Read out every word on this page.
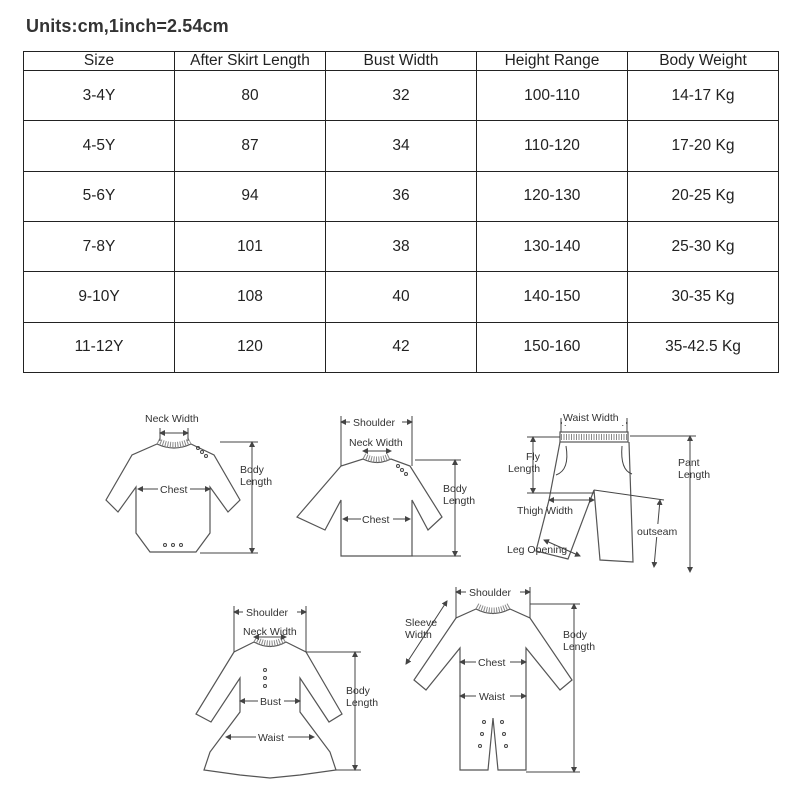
Units:cm,1inch=2.54cm
Size	After Skirt Length	Bust Width	Height Range	Body Weight
3-4Y	80	32	100-110	14-17 Kg
4-5Y	87	34	110-120	17-20 Kg
5-6Y	94	36	120-130	20-25 Kg
7-8Y	101	38	130-140	25-30 Kg
9-10Y	108	40	140-150	30-35 Kg
11-12Y	120	42	150-160	35-42.5 Kg
Neck Width
Chest
Body
Length
Shoulder
Neck Width
Chest
Body
Length
Waist Width
Fly
Length	Pant
Length
Thigh Width
outseam
Leg Opening
Shoulder
Neck Width
Bust
Waist
Body
Length
Shoulder
Sleeve
Width
Chest
Waist
Body
Length
